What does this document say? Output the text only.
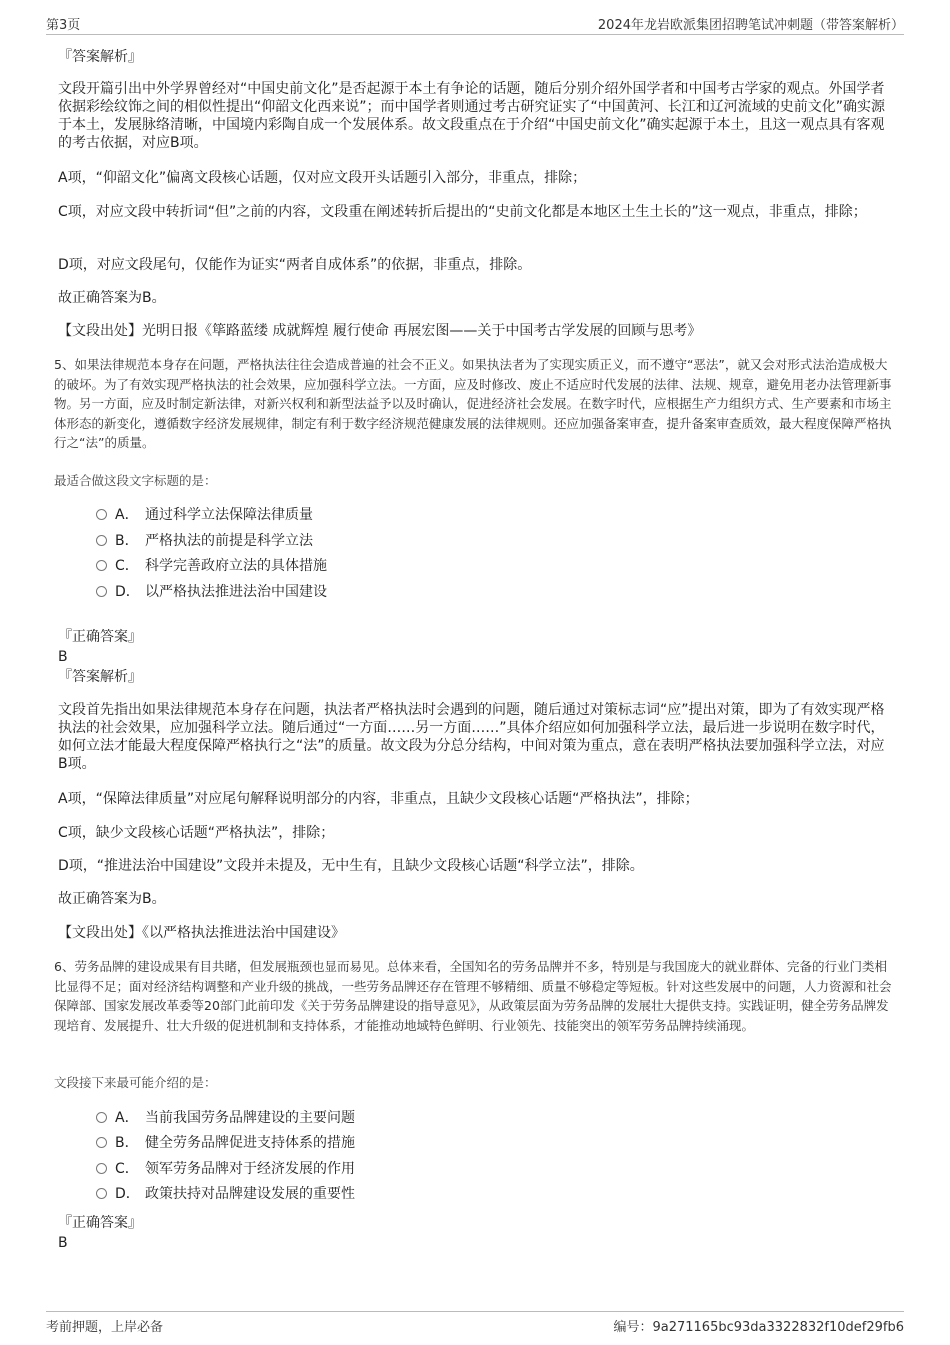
第3页	2024年龙岩欧派集团招聘笔试冲刺题（带答案解析）
『答案解析』
文段开篇引出中外学界曾经对“中国史前文化”是否起源于本土有争论的话题，随后分别介绍外国学者和中国考古学家的观点。外国学者依据彩绘纹饰之间的相似性提出“仰韶文化西来说”；而中国学者则通过考古研究证实了“中国黄河、长江和辽河流域的史前文化”确实源于本土，发展脉络清晰，中国境内彩陶自成一个发展体系。故文段重点在于介绍“中国史前文化”确实起源于本土，且这一观点具有客观的考古依据，对应B项。
A项，“仰韶文化”偏离文段核心话题，仅对应文段开头话题引入部分，非重点，排除；
C项，对应文段中转折词“但”之前的内容，文段重在阐述转折后提出的“史前文化都是本地区土生土长的”这一观点，非重点，排除；
D项，对应文段尾句，仅能作为证实“两者自成体系”的依据，非重点，排除。
故正确答案为B。
【文段出处】光明日报《筚路蓝缕 成就辉煌 履行使命 再展宏图——关于中国考古学发展的回顾与思考》
5、如果法律规范本身存在问题，严格执法往往会造成普遍的社会不正义。如果执法者为了实现实质正义，而不遵守“恶法”，就又会对形式法治造成极大的破坏。为了有效实现严格执法的社会效果，应加强科学立法。一方面，应及时修改、废止不适应时代发展的法律、法规、规章，避免用老办法管理新事物。另一方面，应及时制定新法律，对新兴权利和新型法益予以及时确认，促进经济社会发展。在数字时代，应根据生产力组织方式、生产要素和市场主体形态的新变化，遵循数字经济发展规律，制定有利于数字经济规范健康发展的法律规则。还应加强备案审查，提升备案审查质效，最大程度保障严格执行之“法”的质量。
最适合做这段文字标题的是：
A． 通过科学立法保障法律质量
B． 严格执法的前提是科学立法
C． 科学完善政府立法的具体措施
D． 以严格执法推进法治中国建设
『正确答案』
B
『答案解析』
文段首先指出如果法律规范本身存在问题，执法者严格执法时会遇到的问题，随后通过对策标志词“应”提出对策，即为了有效实现严格执法的社会效果，应加强科学立法。随后通过“一方面……另一方面……”具体介绍应如何加强科学立法，最后进一步说明在数字时代，如何立法才能最大程度保障严格执行之“法”的质量。故文段为分总分结构，中间对策为重点，意在表明严格执法要加强科学立法，对应B项。
A项，“保障法律质量”对应尾句解释说明部分的内容，非重点，且缺少文段核心话题“严格执法”，排除；
C项，缺少文段核心话题“严格执法”，排除；
D项，“推进法治中国建设”文段并未提及，无中生有，且缺少文段核心话题“科学立法”，排除。
故正确答案为B。
【文段出处】《以严格执法推进法治中国建设》
6、劳务品牌的建设成果有目共睹，但发展瓶颈也显而易见。总体来看，全国知名的劳务品牌并不多，特别是与我国庞大的就业群体、完备的行业门类相比显得不足；面对经济结构调整和产业升级的挑战，一些劳务品牌还存在管理不够精细、质量不够稳定等短板。针对这些发展中的问题，人力资源和社会保障部、国家发展改革委等20部门此前印发《关于劳务品牌建设的指导意见》，从政策层面为劳务品牌的发展壮大提供支持。实践证明，健全劳务品牌发现培育、发展提升、壮大升级的促进机制和支持体系，才能推动地域特色鲜明、行业领先、技能突出的领军劳务品牌持续涌现。
文段接下来最可能介绍的是：
A． 当前我国劳务品牌建设的主要问题
B． 健全劳务品牌促进支持体系的措施
C． 领军劳务品牌对于经济发展的作用
D． 政策扶持对品牌建设发展的重要性
『正确答案』
B
考前押题，上岸必备	编号：9a271165bc93da3322832f10def29fb6
